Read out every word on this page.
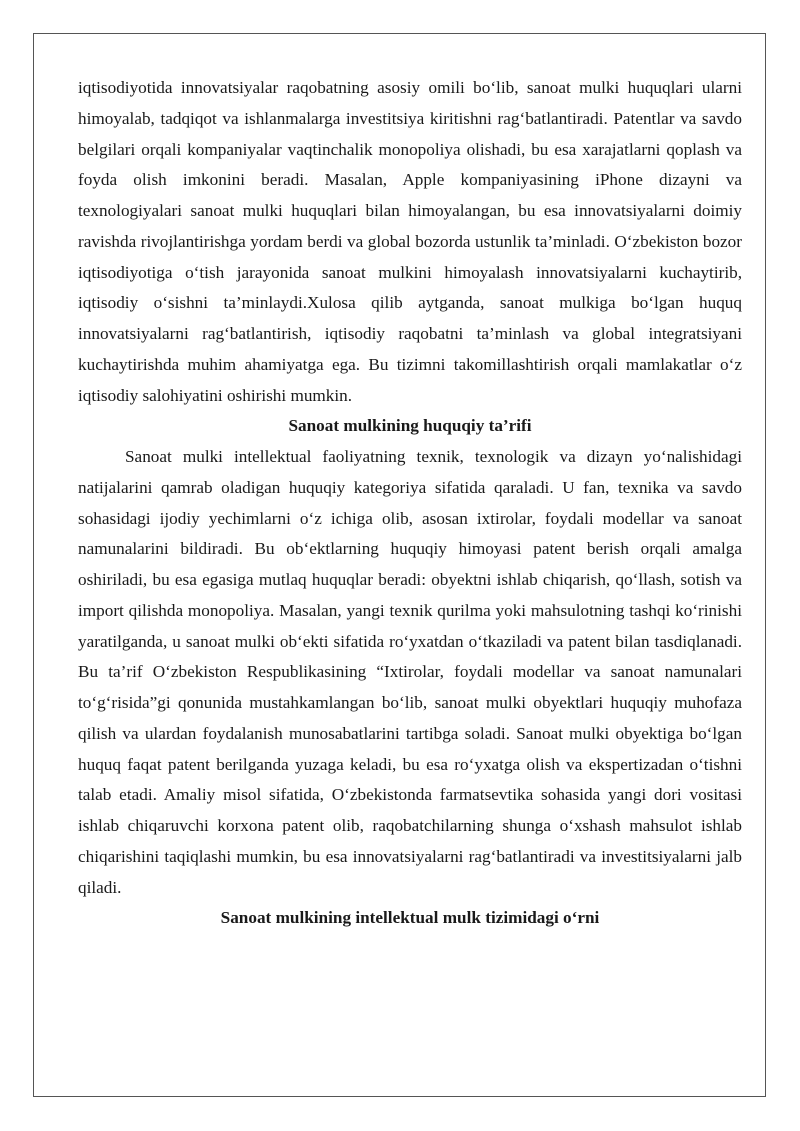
iqtisodiyotida innovatsiyalar raqobatning asosiy omili bo‘lib, sanoat mulki huquqlari ularni himoyalab, tadqiqot va ishlanmalarga investitsiya kiritishni rag‘batlantiradi. Patentlar va savdo belgilari orqali kompaniyalar vaqtinchalik monopoliya olishadi, bu esa xarajatlarni qoplash va foyda olish imkonini beradi. Masalan, Apple kompaniyasining iPhone dizayni va texnologiyalari sanoat mulki huquqlari bilan himoyalangan, bu esa innovatsiyalarni doimiy ravishda rivojlantirishga yordam berdi va global bozorda ustunlik ta’minladi. O‘zbekiston bozor iqtisodiyotiga o‘tish jarayonida sanoat mulkini himoyalash innovatsiyalarni kuchaytirib, iqtisodiy o‘sishni ta’minlaydi.Xulosa qilib aytganda, sanoat mulkiga bo‘lgan huquq innovatsiyalarni rag‘batlantirish, iqtisodiy raqobatni ta’minlash va global integratsiyani kuchaytirishda muhim ahamiyatga ega. Bu tizimni takomillashtirish orqali mamlakatlar o‘z iqtisodiy salohiyatini oshirishi mumkin.

Sanoat mulkining huquqiy ta’rifi

Sanoat mulki intellektual faoliyatning texnik, texnologik va dizayn yo‘nalishidagi natijalarini qamrab oladigan huquqiy kategoriya sifatida qaraladi. U fan, texnika va savdo sohasidagi ijodiy yechimlarni o‘z ichiga olib, asosan ixtirolar, foydali modellar va sanoat namunalarini bildiradi. Bu ob‘ektlarning huquqiy himoyasi patent berish orqali amalga oshiriladi, bu esa egasiga mutlaq huquqlar beradi: obyektni ishlab chiqarish, qo‘llash, sotish va import qilishda monopoliya. Masalan, yangi texnik qurilma yoki mahsulotning tashqi ko‘rinishi yaratilganda, u sanoat mulki ob‘ekti sifatida ro‘yxatdan o‘tkaziladi va patent bilan tasdiqlanadi. Bu ta’rif O‘zbekiston Respublikasining “Ixtirolar, foydali modellar va sanoat namunalari to‘g‘risida”gi qonunida mustahkamlangan bo‘lib, sanoat mulki obyektlari huquqiy muhofaza qilish va ulardan foydalanish munosabatlarini tartibga soladi. Sanoat mulki obyektiga bo‘lgan huquq faqat patent berilganda yuzaga keladi, bu esa ro‘yxatga olish va ekspertizadan o‘tishni talab etadi. Amaliy misol sifatida, O‘zbekistonda farmatsevtika sohasida yangi dori vositasi ishlab chiqaruvchi korxona patent olib, raqobatchilarning shunga o‘xshash mahsulot ishlab chiqarishini taqiqlashi mumkin, bu esa innovatsiyalarni rag‘batlantiradi va investitsiyalarni jalb qiladi.

Sanoat mulkining intellektual mulk tizimidagi o‘rni
